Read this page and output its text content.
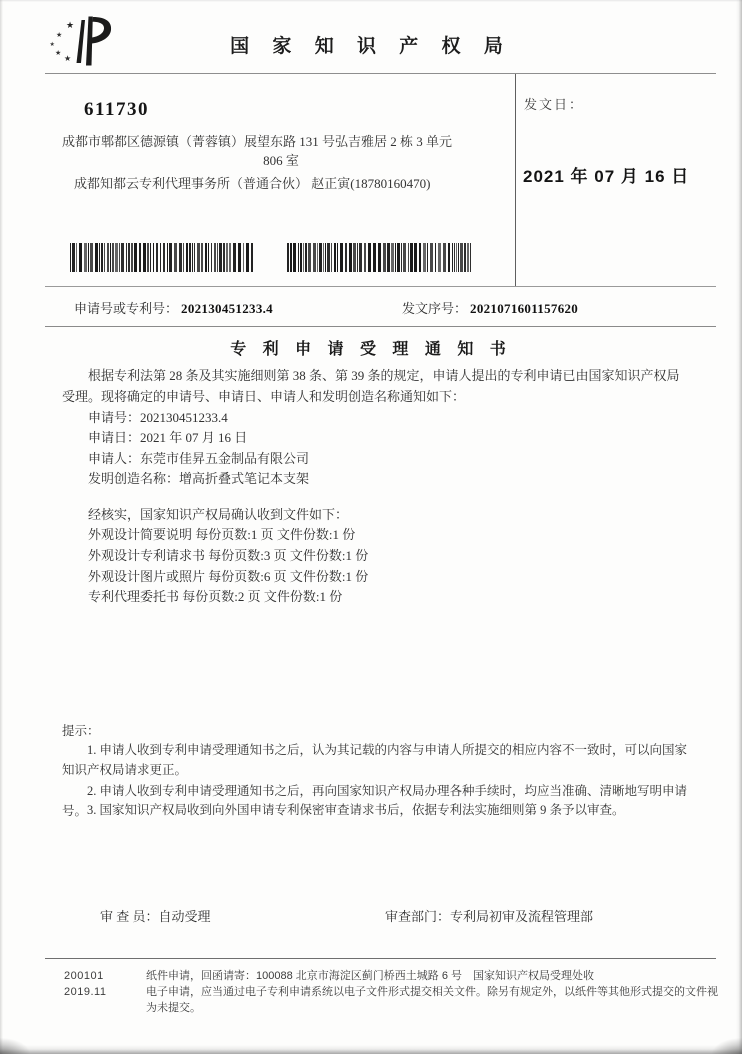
★
★
★
★
★
国 家 知 识 产 权 局
发文日：
2021 年 07 月 16 日
611730
成都市郫都区德源镇（菁蓉镇）展望东路 131 号弘吉雅居 2 栋 3 单元
806 室
成都知都云专利代理事务所（普通合伙） 赵正寅(18780160470)
申请号或专利号： 202130451233.4	发文序号： 2021071601157620
专 利 申 请 受 理 通 知 书
根据专利法第 28 条及其实施细则第 38 条、第 39 条的规定，申请人提出的专利申请已由国家知识产权局受理。现将确定的申请号、申请日、申请人和发明创造名称通知如下：
申请号：202130451233.4
申请日：2021 年 07 月 16 日
申请人：东莞市佳昇五金制品有限公司
发明创造名称：增高折叠式笔记本支架
经核实，国家知识产权局确认收到文件如下：
外观设计简要说明 每份页数:1 页 文件份数:1 份
外观设计专利请求书 每份页数:3 页 文件份数:1 份
外观设计图片或照片 每份页数:6 页 文件份数:1 份
专利代理委托书 每份页数:2 页 文件份数:1 份
提示：
1. 申请人收到专利申请受理通知书之后，认为其记载的内容与申请人所提交的相应内容不一致时，可以向国家知识产权局请求更正。
2. 申请人收到专利申请受理通知书之后，再向国家知识产权局办理各种手续时，均应当准确、清晰地写明申请号。 3. 国家知识产权局收到向外国申请专利保密审查请求书后，依据专利法实施细则第 9 条予以审查。
审 查 员：自动受理	审查部门：专利局初审及流程管理部
200101
2019.11
纸件申请，回函请寄：100088 北京市海淀区蓟门桥西土城路 6 号　国家知识产权局受理处收
电子申请，应当通过电子专利申请系统以电子文件形式提交相关文件。除另有规定外，以纸件等其他形式提交的文件视为未提交。
